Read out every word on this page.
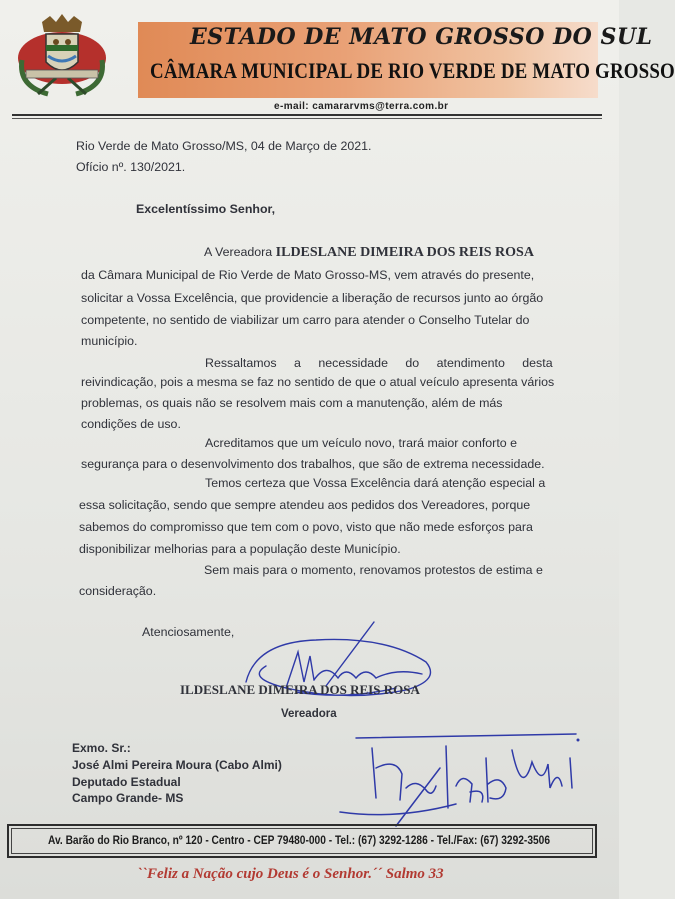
ESTADO DE MATO GROSSO DO SUL
CÂMARA MUNICIPAL DE RIO VERDE DE MATO GROSSO
e-mail: camararvms@terra.com.br
Rio Verde de Mato Grosso/MS, 04 de Março de 2021.
Ofício nº. 130/2021.
Excelentíssimo Senhor,
A Vereadora ILDESLANE DIMEIRA DOS REIS ROSA
da Câmara Municipal de Rio Verde de Mato Grosso-MS, vem através do presente,
solicitar a Vossa Excelência, que providencie a liberação de recursos junto ao órgão
competente, no sentido de viabilizar um carro para atender o Conselho Tutelar do
município.
Ressaltamos a necessidade do atendimento desta
reivindicação, pois a mesma se faz no sentido de que o atual veículo apresenta vários
problemas, os quais não se resolvem mais com a manutenção, além de más
condições de uso.
Acreditamos que um veículo novo, trará maior conforto e
segurança para o desenvolvimento dos trabalhos, que são de extrema necessidade.
Temos certeza que Vossa Excelência dará atenção especial a
essa solicitação, sendo que sempre atendeu aos pedidos dos Vereadores, porque
sabemos do compromisso que tem com o povo, visto que não mede esforços para
disponibilizar melhorias para a população deste Município.
Sem mais para o momento, renovamos protestos de estima e
consideração.
Atenciosamente,
ILDESLANE DIMEIRA DOS REIS ROSA
Vereadora
Exmo. Sr.:
José Almi Pereira Moura (Cabo Almi)
Deputado Estadual
Campo Grande- MS
Av. Barão do Rio Branco, nº 120 - Centro - CEP 79480-000 - Tel.: (67) 3292-1286 - Tel./Fax: (67) 3292-3506
``Feliz a Nação cujo Deus é o Senhor.´´ Salmo 33
